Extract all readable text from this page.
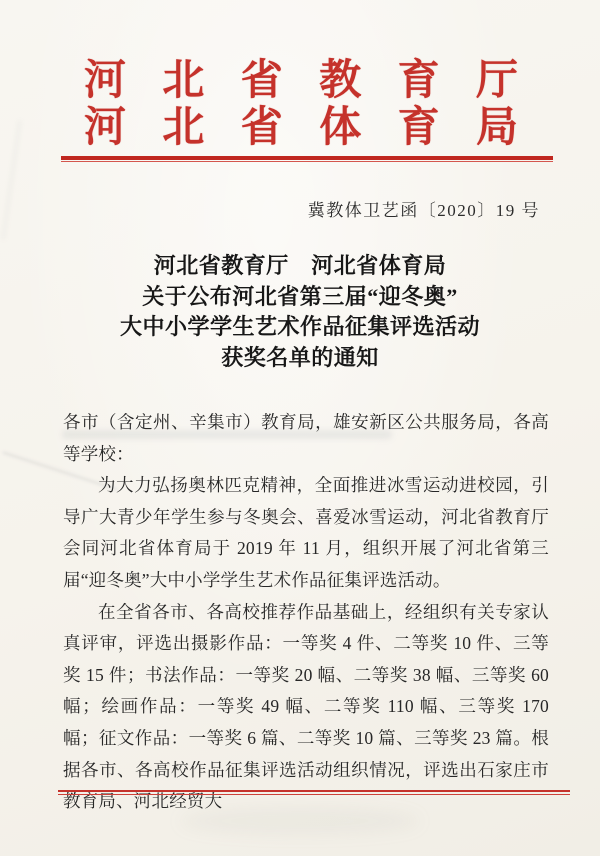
河北省教育厅
河北省体育局
冀教体卫艺函〔2020〕19 号
河北省教育厅　河北省体育局
关于公布河北省第三届“迎冬奥”
大中小学学生艺术作品征集评选活动
获奖名单的通知

各市（含定州、辛集市）教育局，雄安新区公共服务局，各高等学校：

为大力弘扬奥林匹克精神，全面推进冰雪运动进校园，引导广大青少年学生参与冬奥会、喜爱冰雪运动，河北省教育厅会同河北省体育局于 2019 年 11 月，组织开展了河北省第三届“迎冬奥”大中小学学生艺术作品征集评选活动。

在全省各市、各高校推荐作品基础上，经组织有关专家认真评审，评选出摄影作品：一等奖 4 件、二等奖 10 件、三等奖 15 件；书法作品：一等奖 20 幅、二等奖 38 幅、三等奖 60 幅；绘画作品：一等奖 49 幅、二等奖 110 幅、三等奖 170 幅；征文作品：一等奖 6 篇、二等奖 10 篇、三等奖 23 篇。根据各市、各高校作品征集评选活动组织情况，评选出石家庄市教育局、河北经贸大
